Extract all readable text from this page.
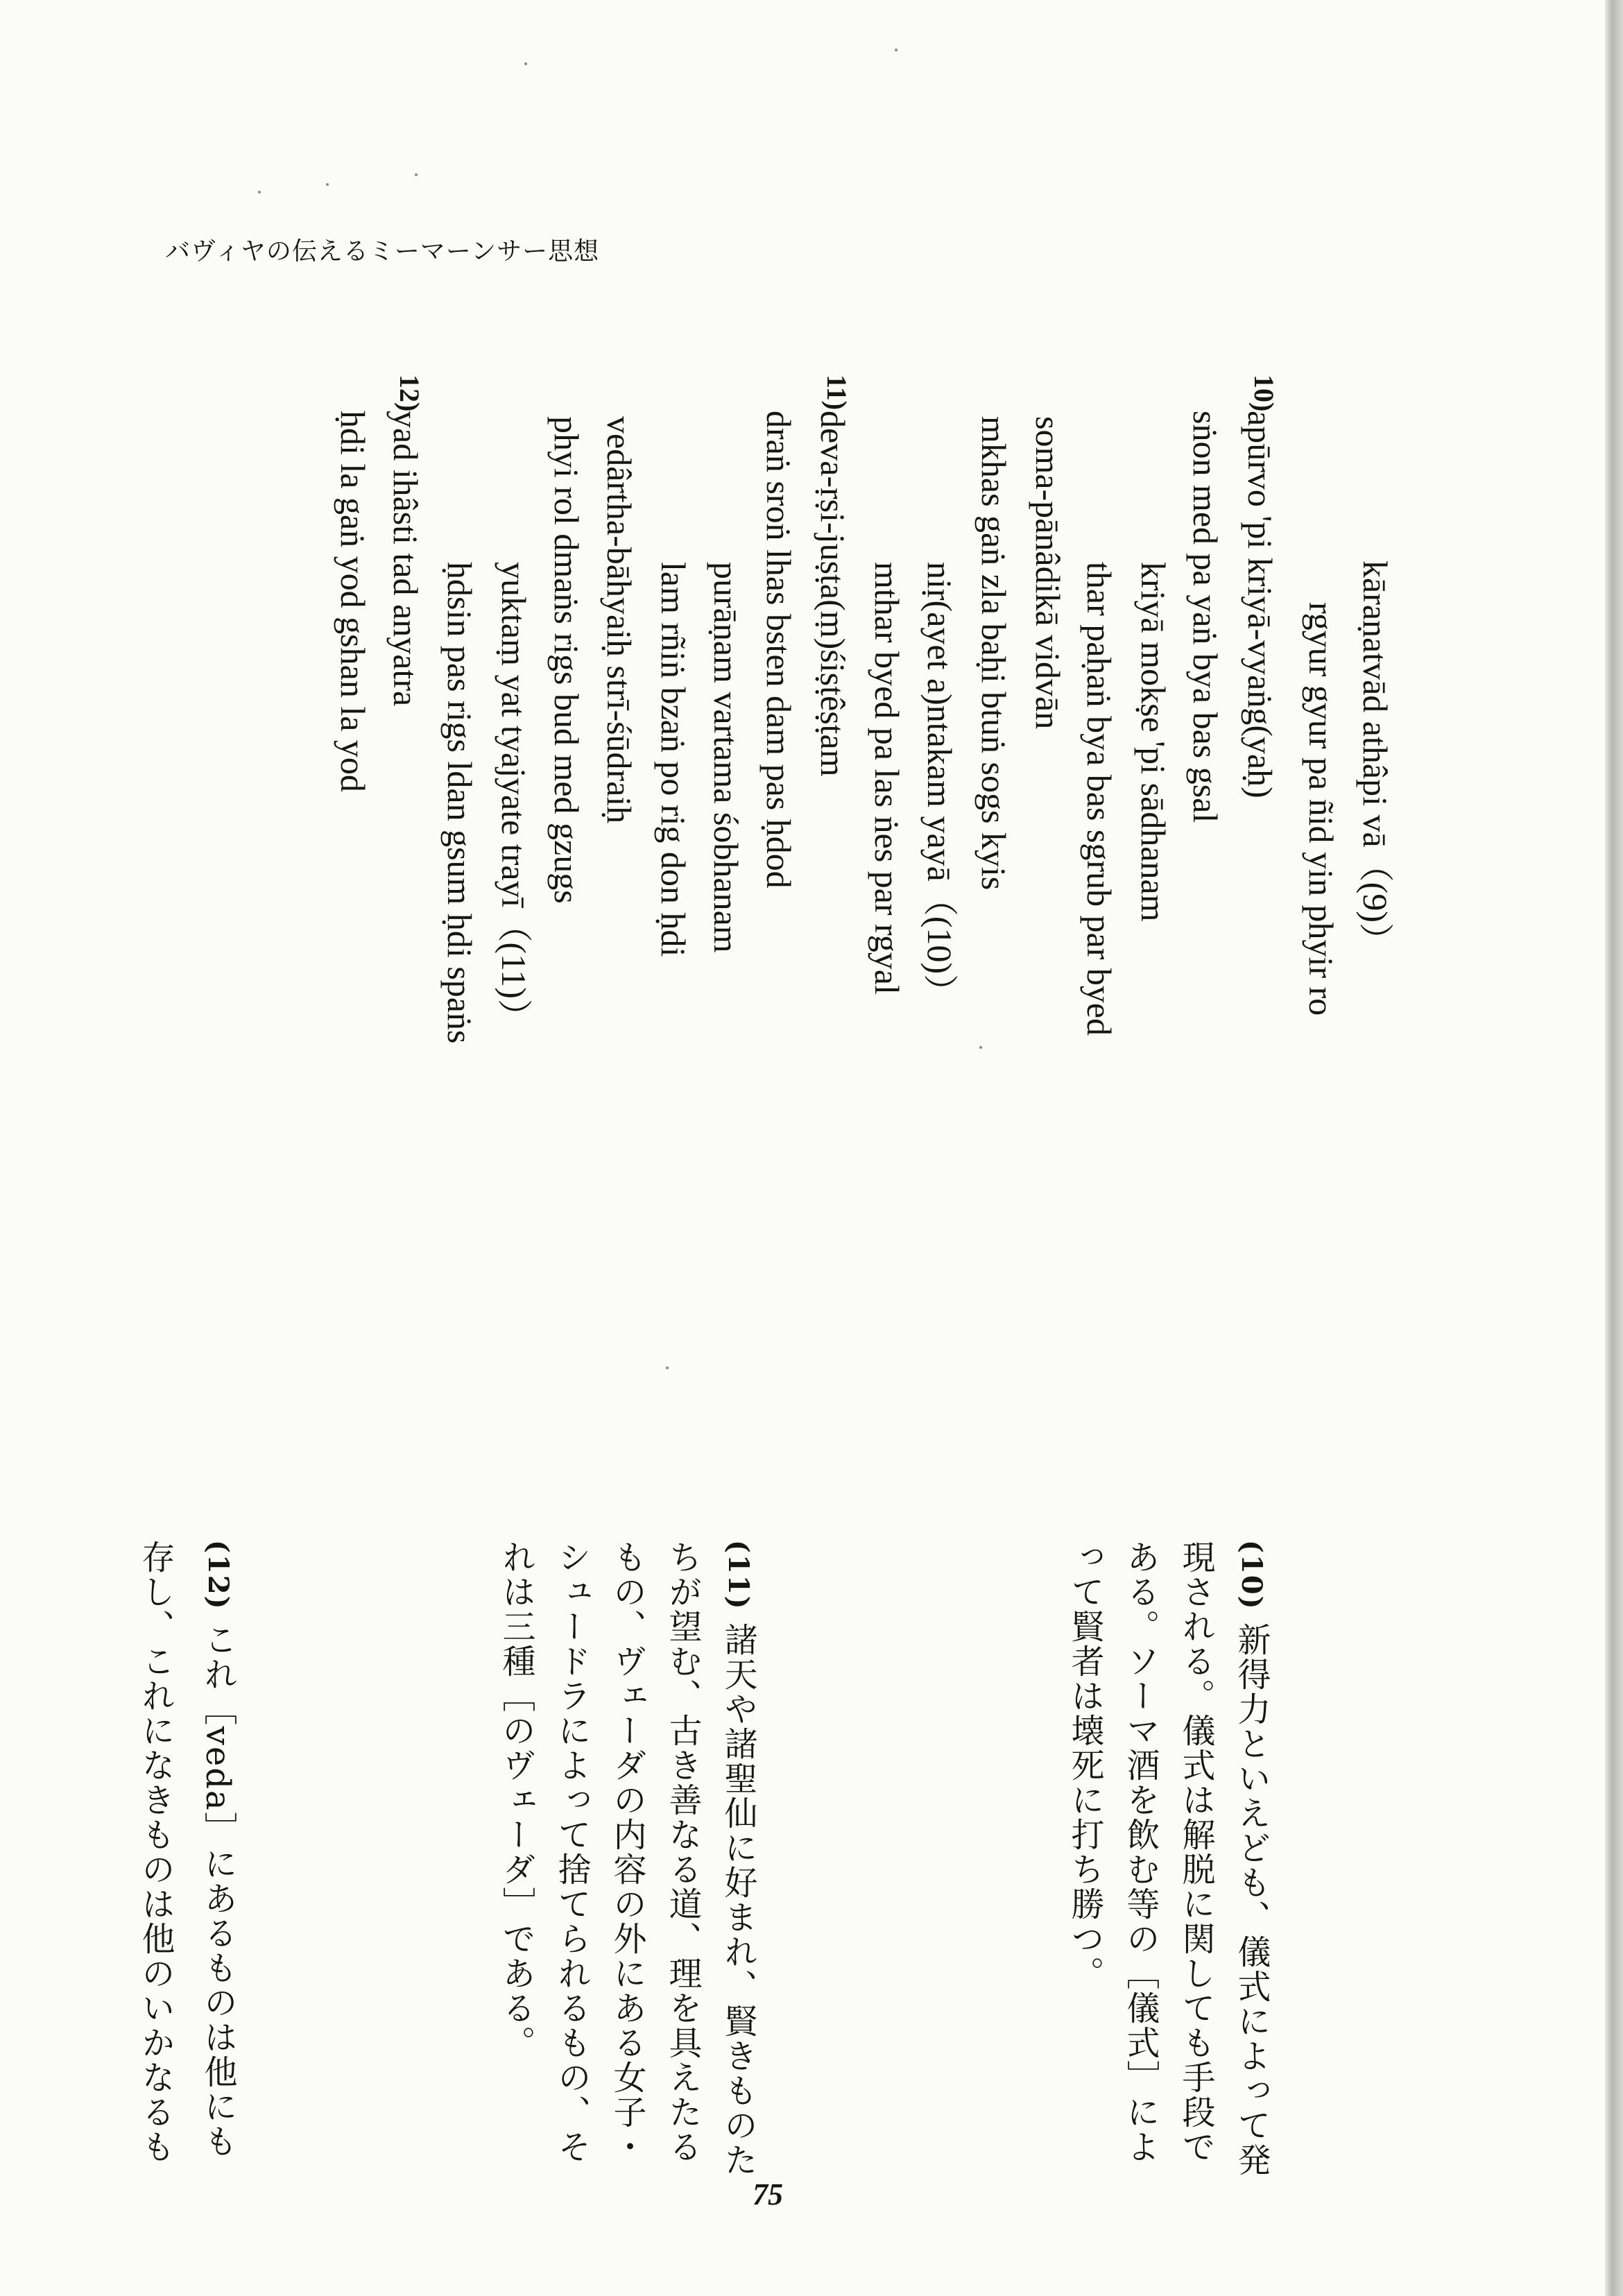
バヴィヤの伝えるミーマーンサー思想
kāraṇatvād athâpi vā（(9)）
rgyur gyur pa ñid yin phyir ro
10)
apūrvo 'pi kriyā-vyaṅg(yaḥ)
sṅon med pa yaṅ bya bas gsal
kriyā mokṣe 'pi sādhanam
thar paḥaṅ bya bas sgrub par byed
soma-pānâdikā vidvān
mkhas gaṅ zla baḥi btuṅ sogs kyis
niṛ(ayet a)ntakam yayā（(10)）
mthar byed pa las ṅes par rgyal
11)
deva-ṛṣi-juṣṭa(ṃ)śiṣṭêṣṭam
draṅ sroṅ lhas bsten dam pas ḥdod
purāṇam vartama śobhanam
lam rñiṅ bzaṅ po rig don ḥdi
vedârtha-bāhyaiḥ strī-śūdraiḥ
phyi rol dmaṅs rigs bud med gzugs
yuktaṃ yat tyajyate trayī（(11)）
ḥdsin pas rigs ldan gsum ḥdi spaṅs
12)
yad ihâsti tad anyatra
ḥdi la gaṅ yod gshan la yod
(10) 新得力といえども、儀式によって発
現される。儀式は解脱に関しても手段で
ある。ソーマ酒を飲む等の［儀式］によ
って賢者は壊死に打ち勝つ。
(11) 諸天や諸聖仙に好まれ、賢きものた
ちが望む、古き善なる道、理を具えたる
もの、ヴェーダの内容の外にある女子・
シュードラによって捨てられるもの、そ
れは三種［のヴェーダ］である。
(12) これ［veda］にあるものは他にも
存し、これになきものは他のいかなるも
75
